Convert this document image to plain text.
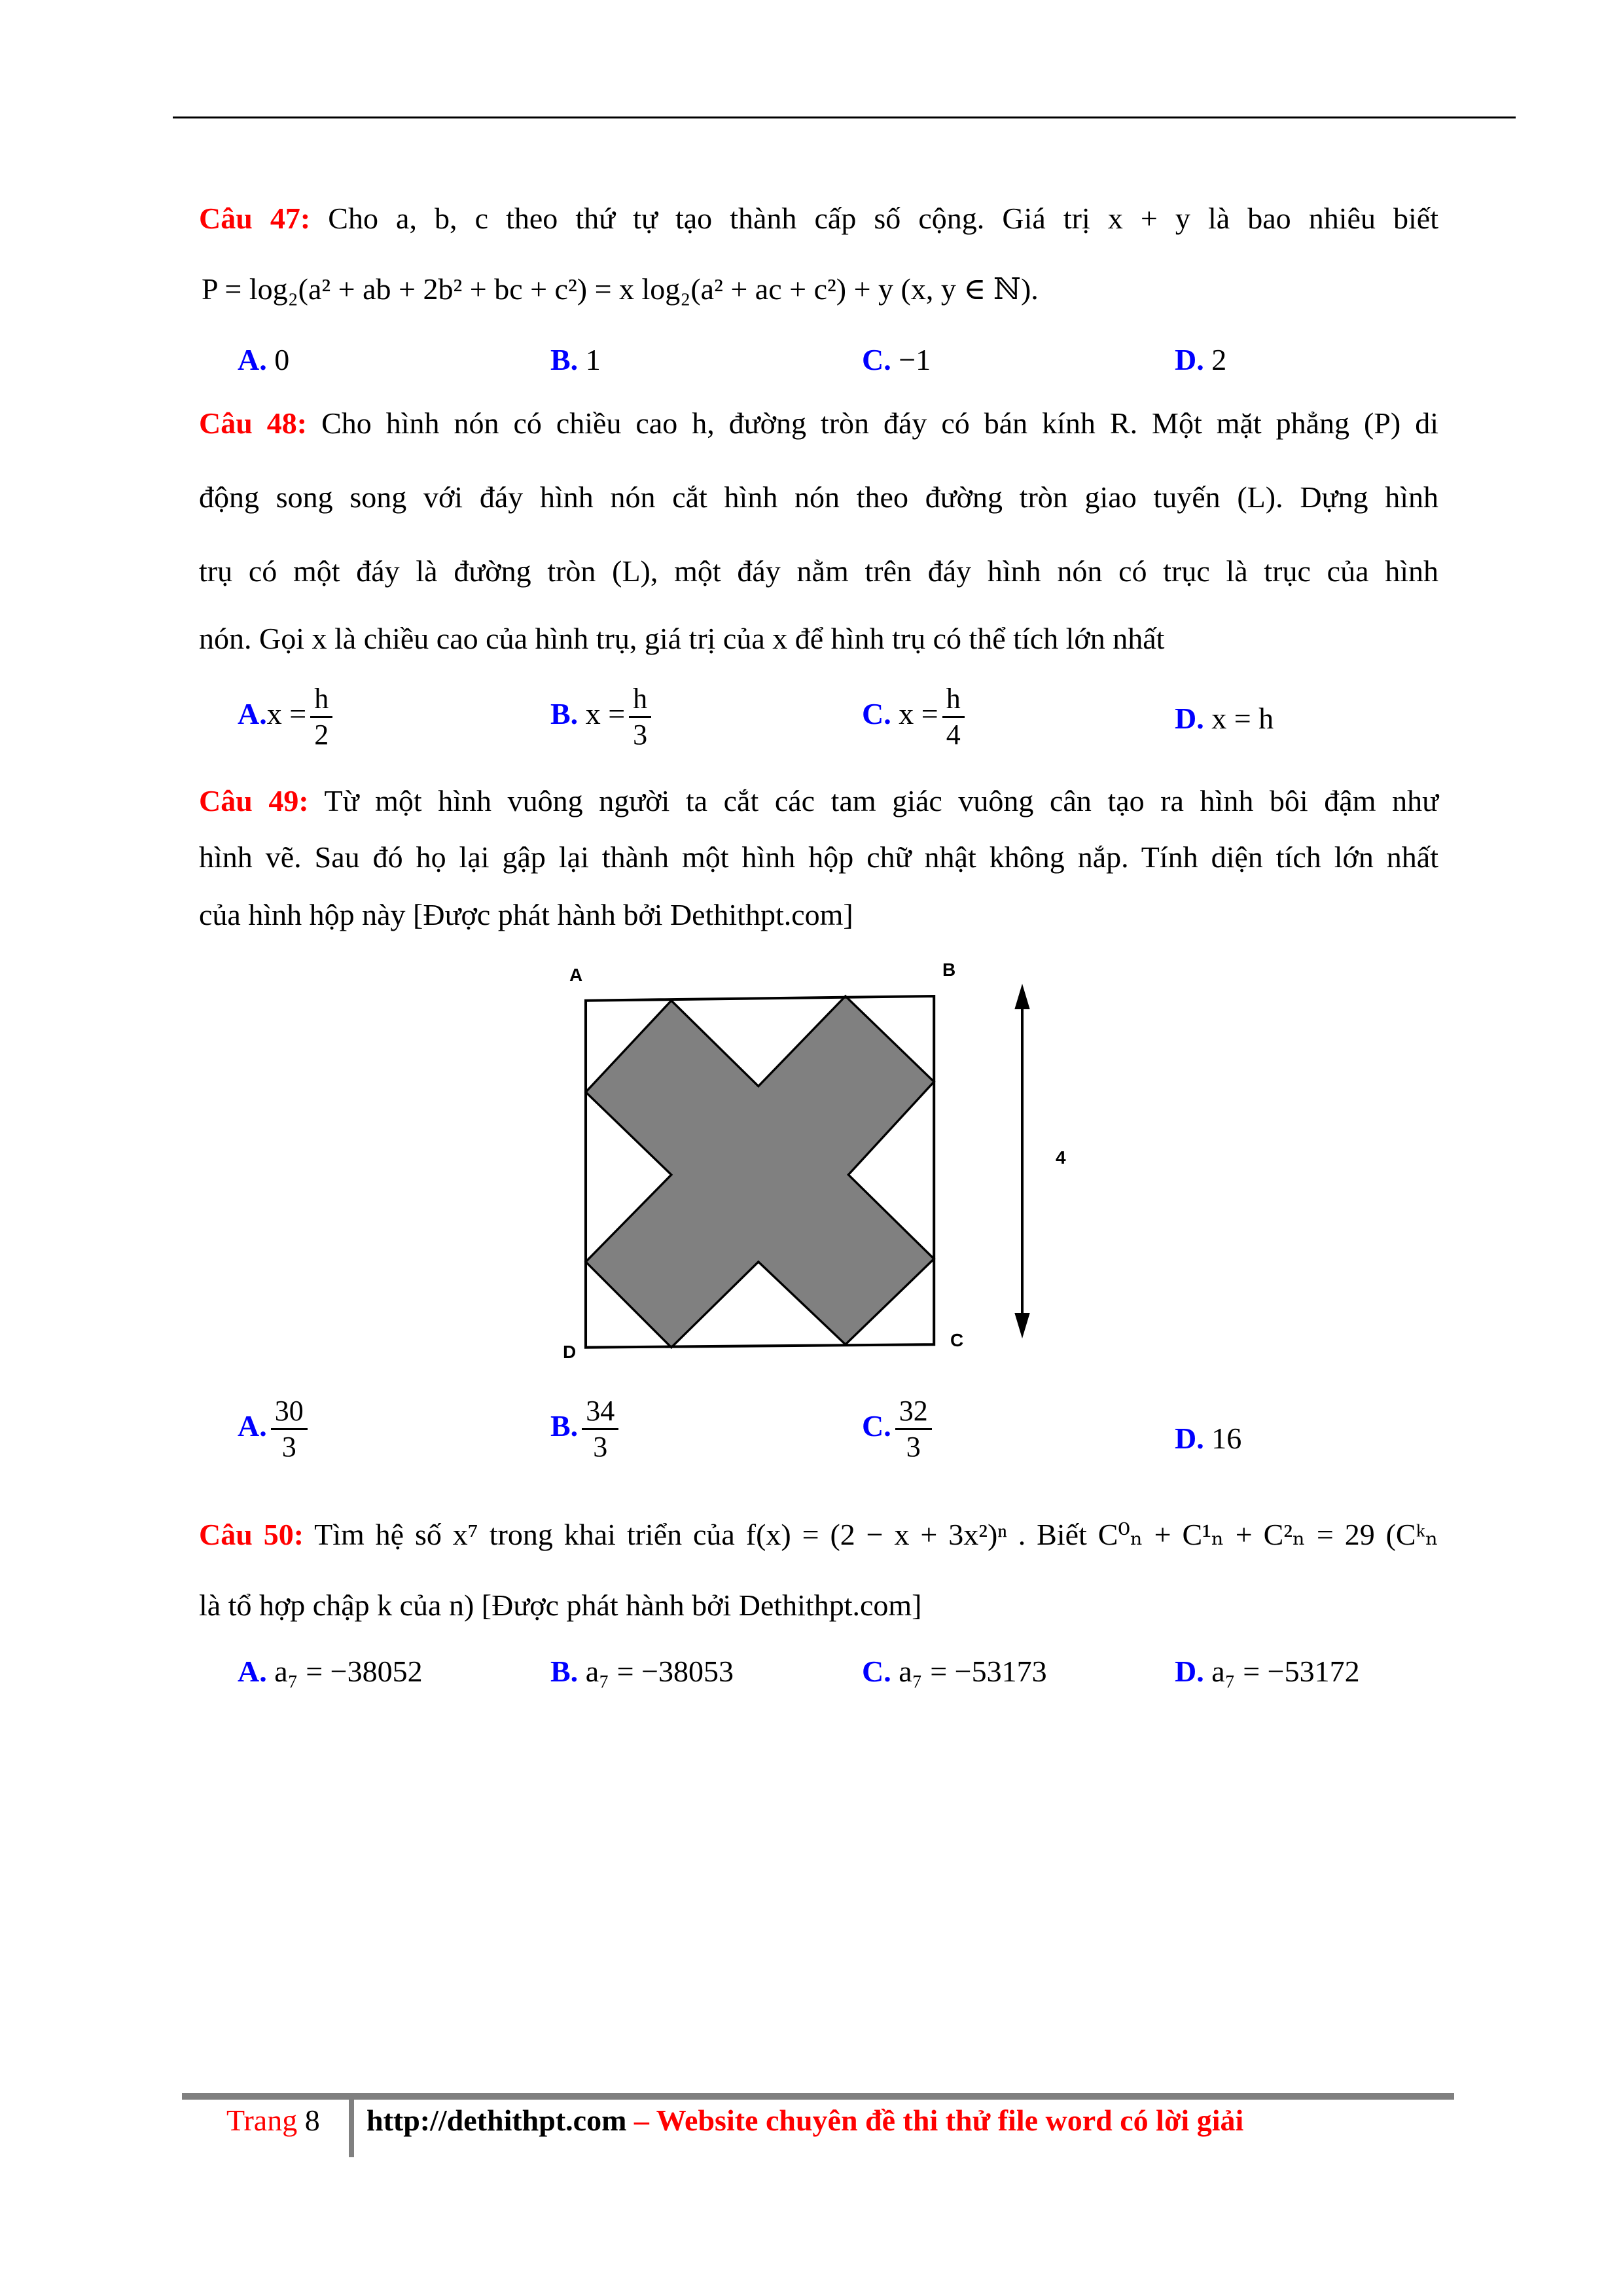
Câu 47: Cho a, b, c theo thứ tự tạo thành cấp số cộng. Giá trị x + y là bao nhiêu biết
P = log₂(a² + ab + 2b² + bc + c²) = x log₂(a² + ac + c²) + y (x, y ∈ ℕ).
A. 0	B. 1	C. −1	D. 2
Câu 48: Cho hình nón có chiều cao h, đường tròn đáy có bán kính R. Một mặt phẳng (P) di
động song song với đáy hình nón cắt hình nón theo đường tròn giao tuyến (L). Dựng hình
trụ có một đáy là đường tròn (L), một đáy nằm trên đáy hình nón có trục là trục của hình
nón. Gọi x là chiều cao của hình trụ, giá trị của x để hình trụ có thể tích lớn nhất
$A.x = \frac{h}{2}$	B. $x = \frac{h}{3}$	C. $x = \frac{h}{4}$	D. x = h
Câu 49: Từ một hình vuông người ta cắt các tam giác vuông cân tạo ra hình bôi đậm như
hình vẽ. Sau đó họ lại gập lại thành một hình hộp chữ nhật không nắp. Tính diện tích lớn nhất
của hình hộp này [Được phát hành bởi Dethithpt.com]
A	B
C
D
4
A. $\frac{30}{3}$	B. $\frac{34}{3}$	C. $\frac{32}{3}$	D. 16
Câu 50: Tìm hệ số x⁷ trong khai triển của f(x) = (2 − x + 3x²)ⁿ . Biết C⁰ₙ + C¹ₙ + C²ₙ = 29 (Cᵏₙ
là tổ hợp chập k của n) [Được phát hành bởi Dethithpt.com]
A. a₇ = −38052	B. a₇ = −38053	C. a₇ = −53173	D. a₇ = −53172
Trang 8 http://dethithpt.com – Website chuyên đề thi thử file word có lời giải
